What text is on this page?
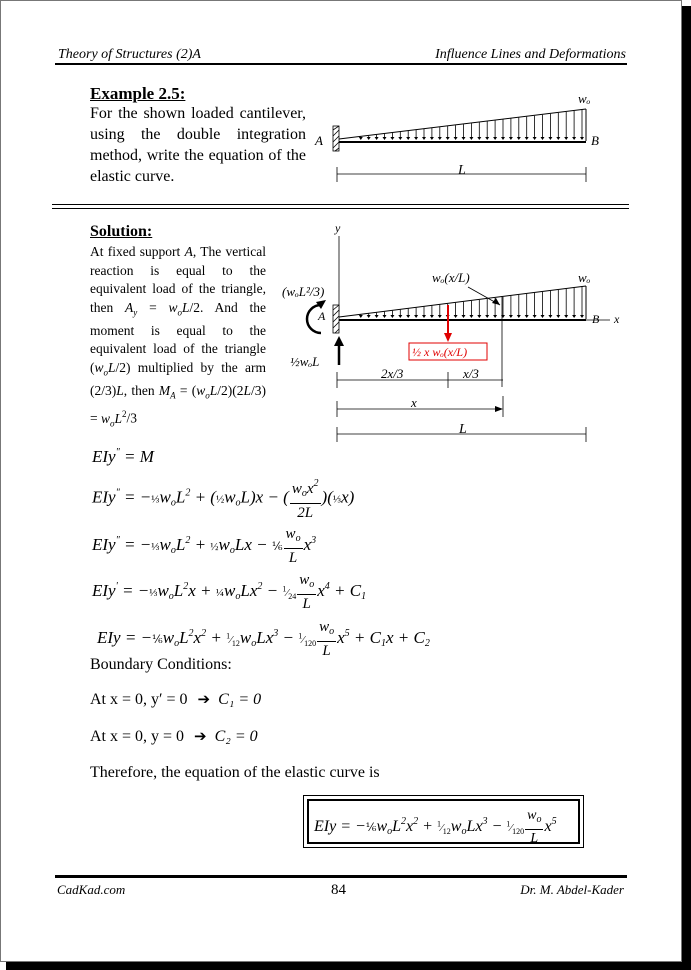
Theory of Structures (2)A	Influence Lines and Deformations
Example 2.5:
For the shown loaded cantilever, using the double integration method, write the equation of the elastic curve.
wₒ
A	B
L
Solution:
At fixed support A, The vertical reaction is equal to the equivalent load of the triangle, then $A_y = w_oL/2$. And the moment is equal to the equivalent load of the triangle $(w_oL/2)$ multiplied by the arm (2/3)L, then $M_A = (w_oL/2)(2L/3) = w_oL^2/3$
y
A
(wₒL²/3)
x
B
wₒ
wₒ(x/L)
½wₒL
½ x wₒ(x/L)
2x/3	x/3
x
L
EIy" = M
$EIy^" = -\frac{1}{3}w_oL^2$ + $(\frac{1}{2}w_oL)x$ − ( $\frac{w_ox^2}{2L}$ )(⅓x)
$EIy^" = -\frac{1}{3}w_oL^2$ + $\frac{1}{2}w_oLx$ − ⅙ $\frac{w_o}{L} x^3$
$EIy' = -\frac{1}{3}w_oL^2x$ + $\frac{1}{4}w_oLx^2$ − $^1⁄_{24} \frac{w_o}{L} x^4 + C_1$
EIy = $-\frac{1}{6}w_oL^2x^2$ + $^1⁄_{12}w_oLx^3$ − $^1⁄_{120} \frac{w_o}{L} x^5 + C_1x + C_2$
Boundary Conditions:
At x = 0, y′ = 0 ➔ C₁ = 0
At x = 0, y = 0 ➔ C₂ = 0
Therefore, the equation of the elastic curve is
EIy = $-\frac{1}{6}w_oL^2x^2$ + $^1⁄_{12}w_oLx^3$ − $^1⁄_{120} \frac{w_o}{L} x^5$
CadKad.com	84	Dr. M. Abdel-Kader
